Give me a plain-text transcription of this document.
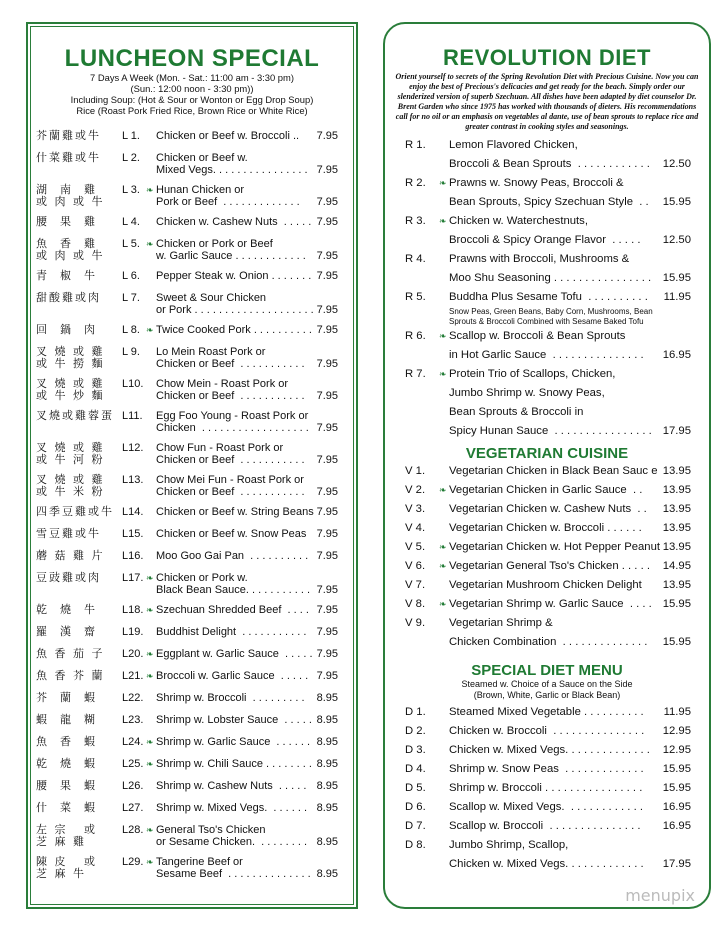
LUNCHEON SPECIAL
7 Days A Week (Mon. - Sat.: 11:00 am - 3:30 pm)
(Sun.: 12:00 noon - 3:30 pm))
Including Soup: (Hot & Sour or Wonton or Egg Drop Soup)
Rice (Roast Pork Fried Rice, Brown Rice or White Rice)
芥蘭雞或牛	L 1.	Chicken or Beef w. Broccoli ..	7.95
什菜雞或牛	L 2.	Chicken or Beef w.
Mixed Vegs. . . . . . . . . . . . . . . . 7.95
湖  南  雞
或 肉 或 牛
L 3. ❧ Hunan Chicken or
Pork or Beef  . . . . . . . . . . . . .	7.95
腰  果  雞	L 4.	Chicken w. Cashew Nuts  . . . . . 7.95
魚  香  雞
或 肉 或 牛
L 5. ❧ Chicken or Pork or Beef
w. Garlic Sauce . . . . . . . . . . . . 7.95
青  椒  牛	L 6.	Pepper Steak w. Onion . . . . . . . 7.95
甜酸雞或肉	L 7.	Sweet & Sour Chicken
or Pork . . . . . . . . . . . . . . . . . . . . 7.95
回  鍋  肉	L 8. ❧ Twice Cooked Pork . . . . . . . . . . 7.95
叉 燒 或 雞
或 牛 撈 麵
L 9.	Lo Mein Roast Pork or
Chicken or Beef  . . . . . . . . . . .	7.95
叉 燒 或 雞
或 牛 炒 麵
L10. Chow Mein - Roast Pork or
Chicken or Beef  . . . . . . . . . . .	7.95
叉燒或雞蓉蛋 L11.	Egg Foo Young - Roast Pork or
Chicken  . . . . . . . . . . . . . . . . . . 7.95
叉 燒 或 雞
或 牛 河 粉
L12. Chow Fun - Roast Pork or
Chicken or Beef  . . . . . . . . . . .	7.95
叉 燒 或 雞
或 牛 米 粉
L13. Chow Mei Fun - Roast Pork or
Chicken or Beef  . . . . . . . . . . .	7.95
四季豆雞或牛 L14. Chicken or Beef w. String Beans 7.95
雪豆雞或牛	L15. Chicken or Beef w. Snow Peas 7.95
蘑 菇 雞 片	L16. Moo Goo Gai Pan  . . . . . . . . . . 7.95
豆豉雞或肉	L17. ❧ Chicken or Pork w.
Black Bean Sauce. . . . . . . . . . . 7.95
乾  燒  牛	L18. ❧ Szechuan Shredded Beef  . . . . 7.95
羅  漢  齋	L19. Buddhist Delight  . . . . . . . . . . . 7.95
魚 香 茄 子	L20. ❧ Eggplant w. Garlic Sauce  . . . . . 7.95
魚 香 芥 蘭	L21. ❧ Broccoli w. Garlic Sauce  . . . . . 7.95
芥  蘭  蝦	L22. Shrimp w. Broccoli  . . . . . . . . .	8.95
蝦  龍  糊	L23. Shrimp w. Lobster Sauce  . . . . . 8.95
魚  香  蝦	L24. ❧ Shrimp w. Garlic Sauce  . . . . . . 8.95
乾  燒  蝦	L25. ❧ Shrimp w. Chili Sauce . . . . . . . . 8.95
腰  果  蝦	L26. Shrimp w. Cashew Nuts  . . . . . 8.95
什  菜  蝦	L27. Shrimp w. Mixed Vegs.  . . . . . . 8.95
左 宗   或
芝 麻 雞
L28. ❧ General Tso's Chicken
or Sesame Chicken.  . . . . . . . . 8.95
陳 皮   或
芝 麻 牛
L29. ❧ Tangerine Beef or
Sesame Beef  . . . . . . . . . . . . . . 8.95
REVOLUTION DIET
Orient yourself to secrets of the Spring Revolution Diet with Precious Cuisine. Now you can enjoy the best of Precious's delicacies and get ready for the beach. Simply order our slenderized version of superb Szechuan. All dishes have been adapted by diet counselor Dr. Brent Garden who since 1975 has worked with thousands of dieters. His recommendations call for no oil or an emphasis on vegetables al dante, use of bean sprouts to replace rice and greater contrast in cooking styles and seasonings.
R 1.	Lemon Flavored Chicken,
Broccoli & Bean Sprouts  . . . . . . . . . . . .	12.50
R 2.	❧ Prawns w. Snowy Peas, Broccoli &
Bean Sprouts, Spicy Szechuan Style  . .	15.95
R 3.	❧ Chicken w. Waterchestnuts,
Broccoli & Spicy Orange Flavor  . . . . .	12.50
R 4.	Prawns with Broccoli, Mushrooms &
Moo Shu Seasoning . . . . . . . . . . . . . . . .	15.95
R 5.	Buddha Plus Sesame Tofu  . . . . . . . . . .	11.95
Snow Peas, Green Beans, Baby Corn, Mushrooms, Bean
Sprouts & Broccoli Combined with Sesame Baked Tofu
R 6.	❧ Scallop w. Broccoli & Bean Sprouts
in Hot Garlic Sauce  . . . . . . . . . . . . . . .	16.95
R 7.	❧ Protein Trio of Scallops, Chicken,
Jumbo Shrimp w. Snowy Peas,
Bean Sprouts & Broccoli in
Spicy Hunan Sauce  . . . . . . . . . . . . . . . . 17.95
VEGETARIAN CUISINE
V 1.	Vegetarian Chicken in Black Bean Sauc e 13.95
V 2.	❧ Vegetarian Chicken in Garlic Sauce  . .	13.95
V 3.	Vegetarian Chicken w. Cashew Nuts  . .	13.95
V 4.	Vegetarian Chicken w. Broccoli . . . . . .	13.95
V 5.	❧ Vegetarian Chicken w. Hot Pepper Peanut 13.95
V 6.	❧ Vegetarian General Tso's Chicken . . . . .	14.95
V 7.	Vegetarian Mushroom Chicken Delight	13.95
V 8.	❧ Vegetarian Shrimp w. Garlic Sauce  . . . . 15.95
V 9.	Vegetarian Shrimp &
Chicken Combination  . . . . . . . . . . . . . .	15.95
SPECIAL DIET MENU
Steamed w. Choice of a Sauce on the Side
(Brown, White, Garlic or Black Bean)
D 1.	Steamed Mixed Vegetable . . . . . . . . . .	11.95
D 2.	Chicken w. Broccoli  . . . . . . . . . . . . . . .	12.95
D 3.	Chicken w. Mixed Vegs. . . . . . . . . . . . . .	12.95
D 4.	Shrimp w. Snow Peas  . . . . . . . . . . . . .	15.95
D 5.	Shrimp w. Broccoli . . . . . . . . . . . . . . . .	15.95
D 6.	Scallop w. Mixed Vegs.  . . . . . . . . . . . .	16.95
D 7.	Scallop w. Broccoli  . . . . . . . . . . . . . . .	16.95
D 8.	Jumbo Shrimp, Scallop,
Chicken w. Mixed Vegs. . . . . . . . . . . . .	17.95
menupix
